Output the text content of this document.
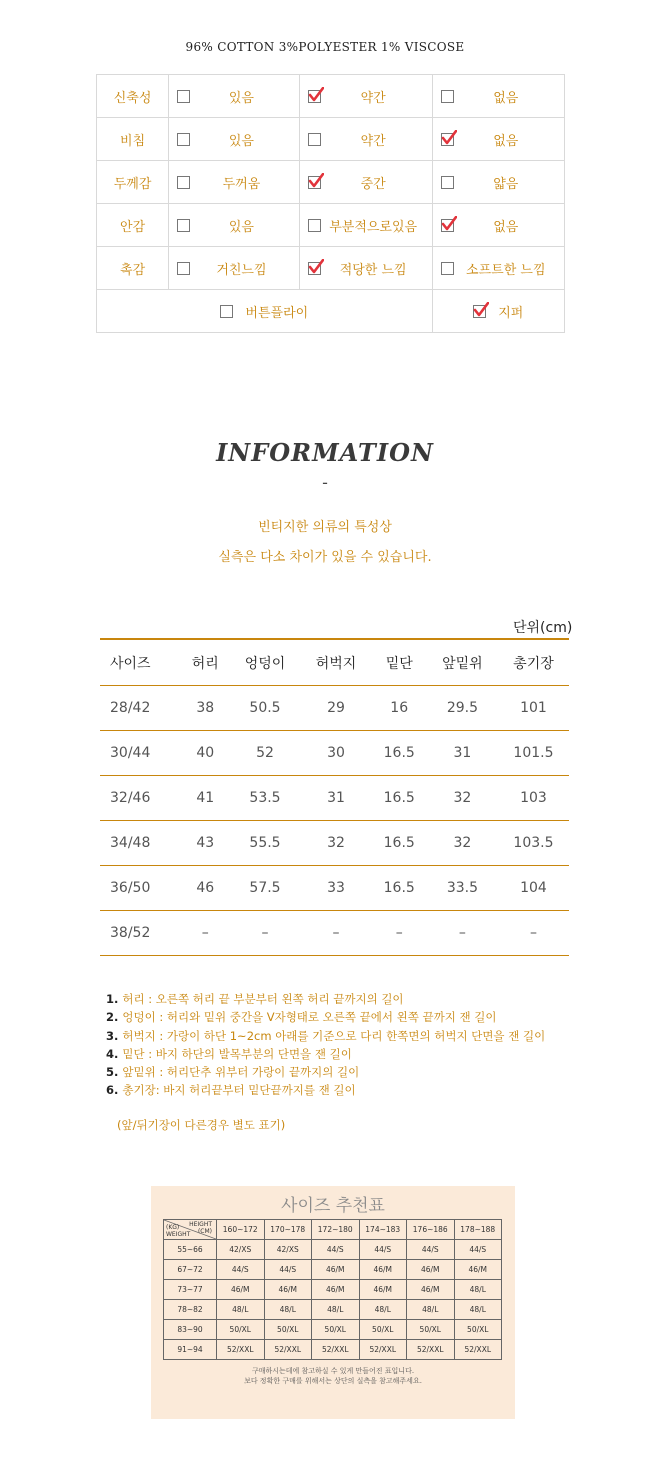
96% COTTON 3%POLYESTER 1% VISCOSE
신축성	있음	약간	없음

비침	있음	약간	없음

두께감	두꺼움	중간	얇음

안감	있음	부분적으로있음	없음

촉감	거친느낌	적당한 느낌	소프트한 느낌

버튼플라이			지퍼
INFORMATION
-
빈티지한 의류의 특성상
실측은 다소 차이가 있을 수 있습니다.
단위(cm)
사이즈	허리	엉덩이	허벅지	밑단	앞밑위	총기장
28/42	38	50.5	29	16	29.5	101
30/44	40	52	30	16.5	31	101.5
32/46	41	53.5	31	16.5	32	103
34/48	43	55.5	32	16.5	32	103.5
36/50	46	57.5	33	16.5	33.5	104
38/52	–	–	–	–	–	–
1. 허리 : 오른쪽 허리 끝 부분부터 왼쪽 허리 끝까지의 길이
2. 엉덩이 : 허리와 밑위 중간을 V자형태로 오른쪽 끝에서 왼쪽 끝까지 잰 길이
3. 허벅지 : 가랑이 하단 1~2cm 아래를 기준으로 다리 한쪽면의 허벅지 단면을 잰 길이
4. 밑단 : 바지 하단의 발목부분의 단면을 잰 길이
5. 앞밑위 : 허리단추 위부터 가랑이 끝까지의 길이
6. 총기장: 바지 허리끝부터 밑단끝까지를 잰 길이
(앞/뒤기장이 다른경우 별도 표기)
사이즈 추천표
HEIGHT
(CM)
(KG)
WEIGHT	160~172	170~178	172~180	174~183	176~186	178~188
55~66	42/XS	42/XS	44/S	44/S	44/S	44/S
67~72	44/S	44/S	46/M	46/M	46/M	46/M
73~77	46/M	46/M	46/M	46/M	46/M	48/L
78~82	48/L	48/L	48/L	48/L	48/L	48/L
83~90	50/XL	50/XL	50/XL	50/XL	50/XL	50/XL
91~94	52/XXL	52/XXL	52/XXL	52/XXL	52/XXL	52/XXL
구매하시는데에 참고하실 수 있게 만들어진 표입니다.
보다 정확한 구매를 위해서는 상단의 실측을 참고해주세요.
